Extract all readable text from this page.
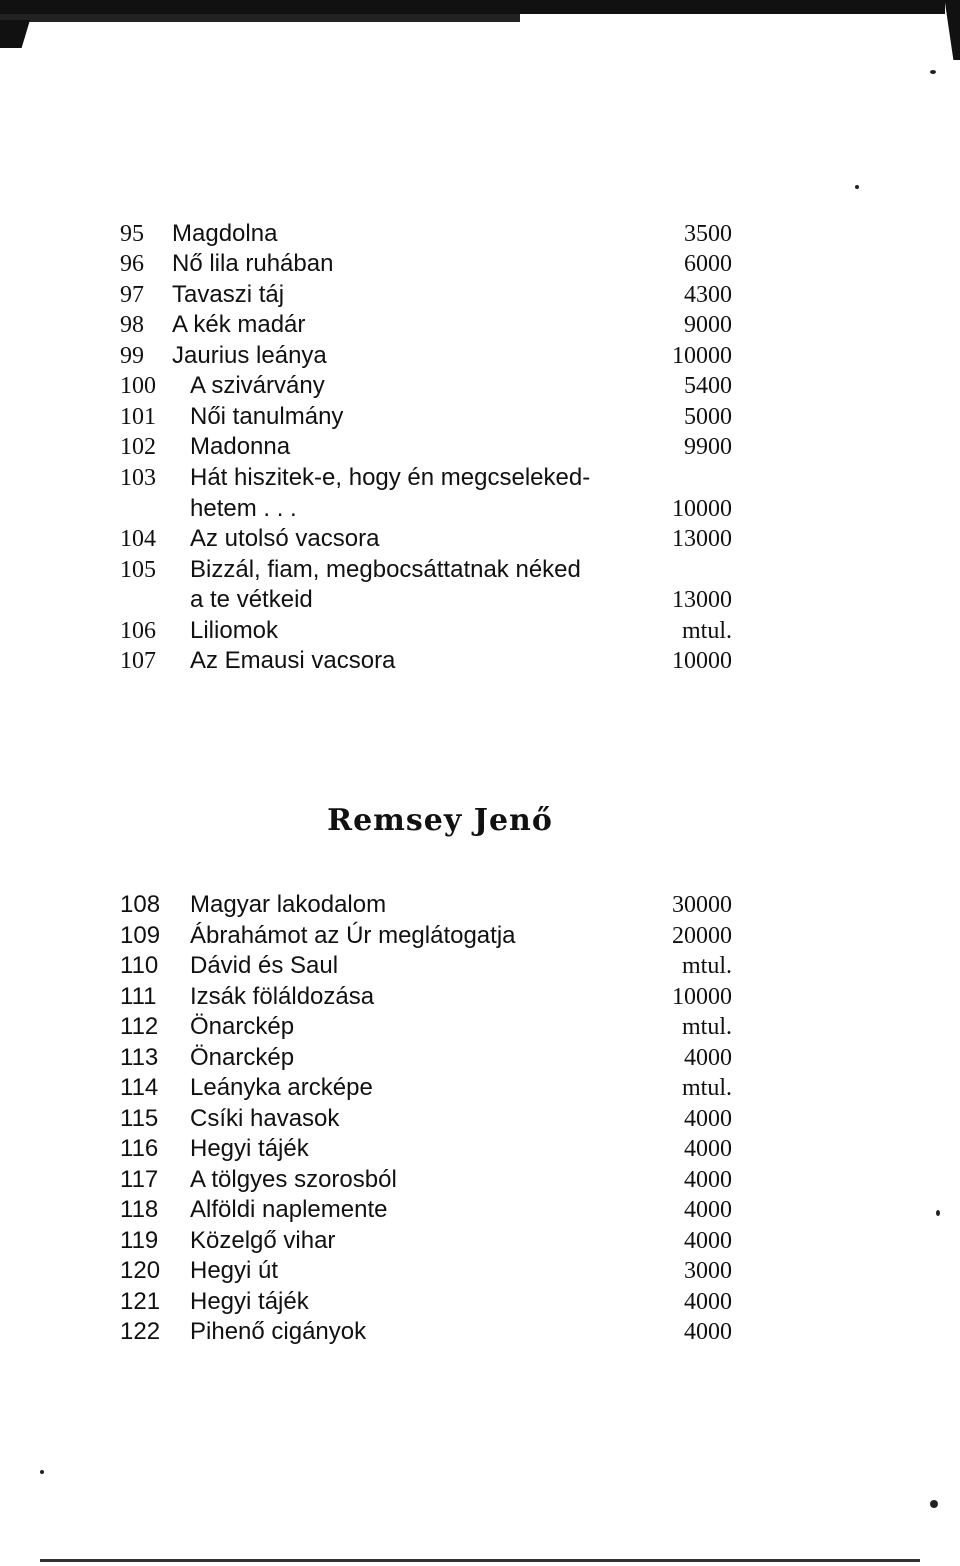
95	Magdolna	3500
96	Nő lila ruhában	6000
97	Tavaszi táj	4300
98	A kék madár	9000
99	Jaurius leánya	10000
100	A szivárvány	5400
101	Női tanulmány	5000
102	Madonna	9900
103	Hát hiszitek-e, hogy én megcseleked-
hetem . . .	10000
104	Az utolsó vacsora	13000
105	Bizzál, fiam, megbocsáttatnak néked
a te vétkeid	13000
106	Liliomok	mtul.
107	Az Emausi vacsora	10000
Remsey Jenő
108	Magyar lakodalom	30000
109	Ábrahámot az Úr meglátogatja	20000
110	Dávid és Saul	mtul.
111	Izsák föláldozása	10000
112	Önarckép	mtul.
113	Önarckép	4000
114	Leányka arcképe	mtul.
115	Csíki havasok	4000
116	Hegyi tájék	4000
117	A tölgyes szorosból	4000
118	Alföldi naplemente	4000
119	Közelgő vihar	4000
120	Hegyi út	3000
121	Hegyi tájék	4000
122	Pihenő cigányok	4000
